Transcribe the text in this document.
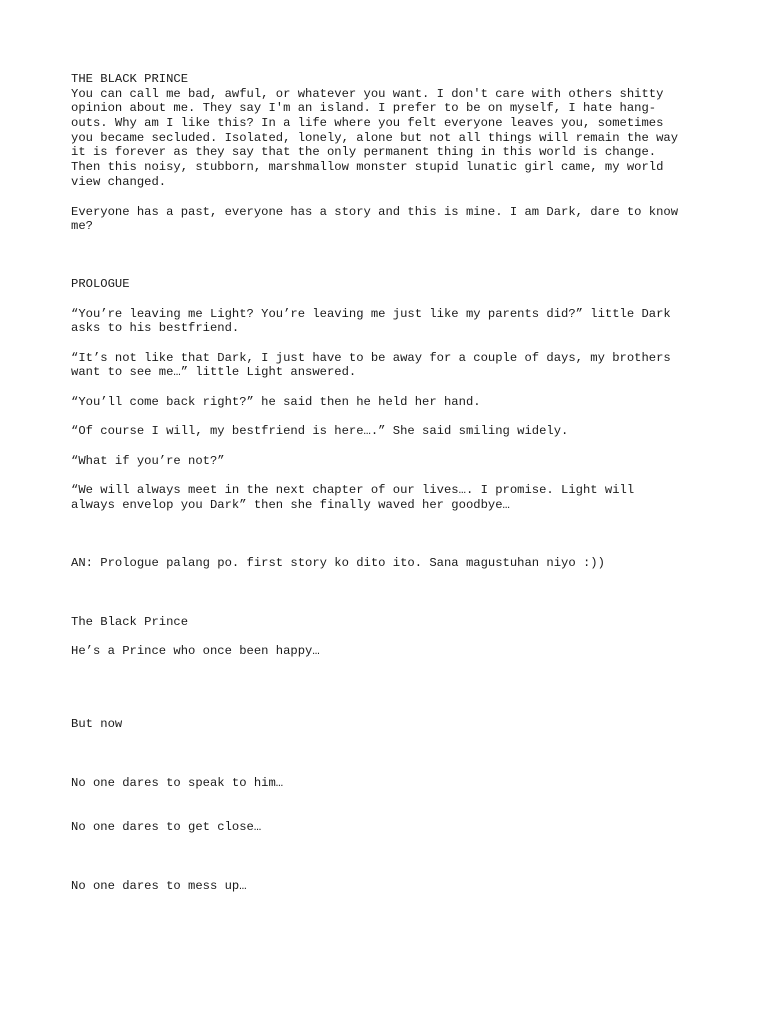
THE BLACK PRINCE

You can call me bad, awful, or whatever you want. I don't care with others shitty

opinion about me. They say I'm an island. I prefer to be on myself, I hate hang-

outs. Why am I like this? In a life where you felt everyone leaves you, sometimes

you became secluded. Isolated, lonely, alone but not all things will remain the way

it is forever as they say that the only permanent thing in this world is change.

Then this noisy, stubborn, marshmallow monster stupid lunatic girl came, my world

view changed.

Everyone has a past, everyone has a story and this is mine. I am Dark, dare to know

me?

PROLOGUE

“You’re leaving me Light? You’re leaving me just like my parents did?” little Dark

asks to his bestfriend.

“It’s not like that Dark, I just have to be away for a couple of days, my brothers

want to see me…” little Light answered.

“You’ll come back right?” he said then he held her hand.

“Of course I will, my bestfriend is here….” She said smiling widely.

“What if you’re not?”

“We will always meet in the next chapter of our lives…. I promise. Light will

always envelop you Dark” then she finally waved her goodbye…

AN: Prologue palang po. first story ko dito ito. Sana magustuhan niyo :))

The Black Prince

He’s a Prince who once been happy…

But now

No one dares to speak to him…

No one dares to get close…

No one dares to mess up…
